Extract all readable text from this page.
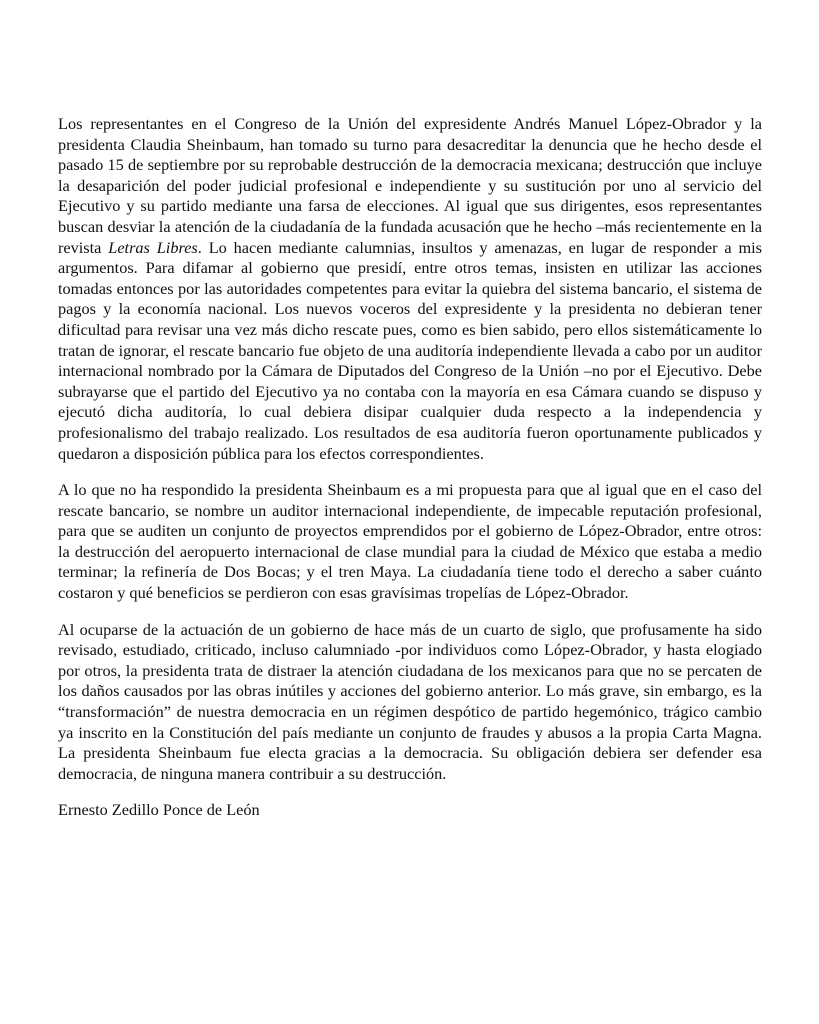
Los representantes en el Congreso de la Unión del expresidente Andrés Manuel López-Obrador y la presidenta Claudia Sheinbaum, han tomado su turno para desacreditar la denuncia que he hecho desde el pasado 15 de septiembre por su reprobable destrucción de la democracia mexicana; destrucción que incluye la desaparición del poder judicial profesional e independiente y su sustitución por uno al servicio del Ejecutivo y su partido mediante una farsa de elecciones. Al igual que sus dirigentes, esos representantes buscan desviar la atención de la ciudadanía de la fundada acusación que he hecho –más recientemente en la revista Letras Libres. Lo hacen mediante calumnias, insultos y amenazas, en lugar de responder a mis argumentos. Para difamar al gobierno que presidí, entre otros temas, insisten en utilizar las acciones tomadas entonces por las autoridades competentes para evitar la quiebra del sistema bancario, el sistema de pagos y la economía nacional. Los nuevos voceros del expresidente y la presidenta no debieran tener dificultad para revisar una vez más dicho rescate pues, como es bien sabido, pero ellos sistemáticamente lo tratan de ignorar, el rescate bancario fue objeto de una auditoría independiente llevada a cabo por un auditor internacional nombrado por la Cámara de Diputados del Congreso de la Unión –no por el Ejecutivo. Debe subrayarse que el partido del Ejecutivo ya no contaba con la mayoría en esa Cámara cuando se dispuso y ejecutó dicha auditoría, lo cual debiera disipar cualquier duda respecto a la independencia y profesionalismo del trabajo realizado. Los resultados de esa auditoría fueron oportunamente publicados y quedaron a disposición pública para los efectos correspondientes.

A lo que no ha respondido la presidenta Sheinbaum es a mi propuesta para que al igual que en el caso del rescate bancario, se nombre un auditor internacional independiente, de impecable reputación profesional, para que se auditen un conjunto de proyectos emprendidos por el gobierno de López-Obrador, entre otros: la destrucción del aeropuerto internacional de clase mundial para la ciudad de México que estaba a medio terminar; la refinería de Dos Bocas; y el tren Maya. La ciudadanía tiene todo el derecho a saber cuánto costaron y qué beneficios se perdieron con esas gravísimas tropelías de López-Obrador.

Al ocuparse de la actuación de un gobierno de hace más de un cuarto de siglo, que profusamente ha sido revisado, estudiado, criticado, incluso calumniado -por individuos como López-Obrador, y hasta elogiado por otros, la presidenta trata de distraer la atención ciudadana de los mexicanos para que no se percaten de los daños causados por las obras inútiles y acciones del gobierno anterior. Lo más grave, sin embargo, es la “transformación” de nuestra democracia en un régimen despótico de partido hegemónico, trágico cambio ya inscrito en la Constitución del país mediante un conjunto de fraudes y abusos a la propia Carta Magna. La presidenta Sheinbaum fue electa gracias a la democracia. Su obligación debiera ser defender esa democracia, de ninguna manera contribuir a su destrucción.

Ernesto Zedillo Ponce de León
